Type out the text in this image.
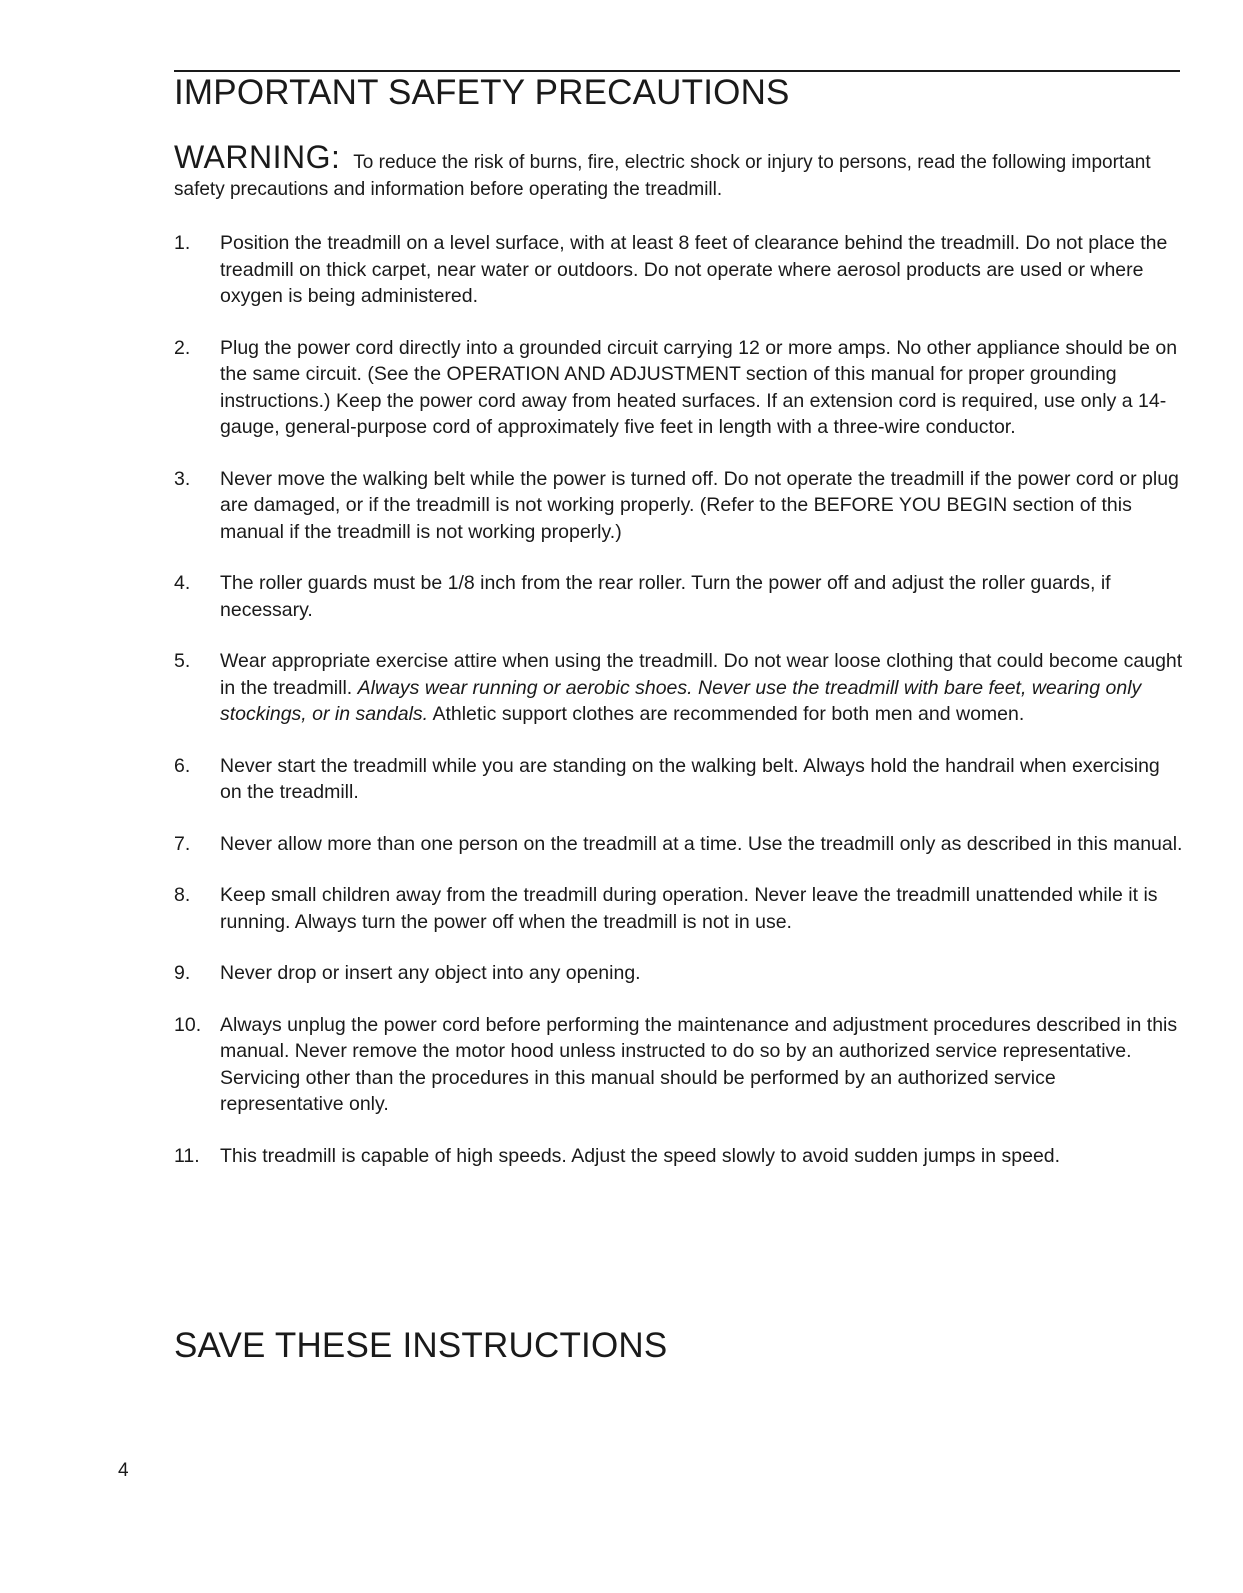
IMPORTANT SAFETY PRECAUTIONS

WARNING: To reduce the risk of burns, fire, electric shock or injury to persons, read the following important safety precautions and information before operating the treadmill.

1. Position the treadmill on a level surface, with at least 8 feet of clearance behind the treadmill. Do not place the treadmill on thick carpet, near water or outdoors. Do not operate where aerosol products are used or where oxygen is being administered.
2. Plug the power cord directly into a grounded circuit carrying 12 or more amps. No other appliance should be on the same circuit. (See the OPERATION AND ADJUSTMENT section of this manual for proper grounding instructions.) Keep the power cord away from heated surfaces. If an extension cord is required, use only a 14-gauge, general-purpose cord of approximately five feet in length with a three-wire conductor.
3. Never move the walking belt while the power is turned off. Do not operate the treadmill if the power cord or plug are damaged, or if the treadmill is not working properly. (Refer to the BEFORE YOU BEGIN section of this manual if the treadmill is not working properly.)
4. The roller guards must be 1/8 inch from the rear roller. Turn the power off and adjust the roller guards, if necessary.
5. Wear appropriate exercise attire when using the treadmill. Do not wear loose clothing that could become caught in the treadmill. Always wear running or aerobic shoes. Never use the treadmill with bare feet, wearing only stockings, or in sandals. Athletic support clothes are recommended for both men and women.
6. Never start the treadmill while you are standing on the walking belt. Always hold the handrail when exercising on the treadmill.
7. Never allow more than one person on the treadmill at a time. Use the treadmill only as described in this manual.
8. Keep small children away from the treadmill during operation. Never leave the treadmill unattended while it is running. Always turn the power off when the treadmill is not in use.
9. Never drop or insert any object into any opening.
10. Always unplug the power cord before performing the maintenance and adjustment procedures described in this manual. Never remove the motor hood unless instructed to do so by an authorized service representative. Servicing other than the procedures in this manual should be performed by an authorized service representative only.
11. This treadmill is capable of high speeds. Adjust the speed slowly to avoid sudden jumps in speed.
SAVE THESE INSTRUCTIONS
4
